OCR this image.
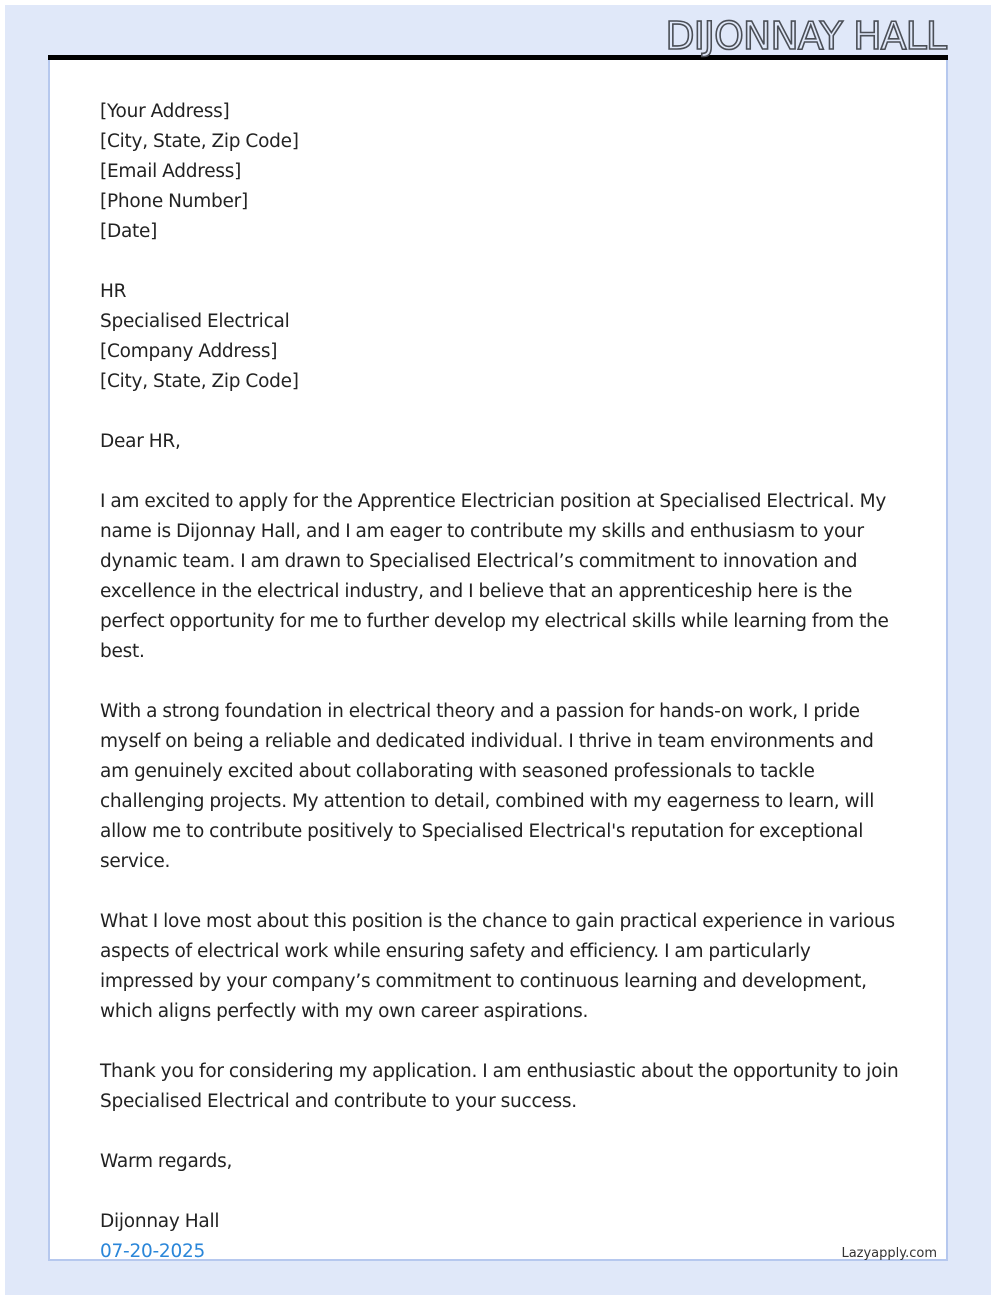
DIJONNAY HALL
[Your Address]
[City, State, Zip Code]
[Email Address]
[Phone Number]
[Date]
HR
Specialised Electrical
[Company Address]
[City, State, Zip Code]

Dear HR,

I am excited to apply for the Apprentice Electrician position at Specialised Electrical. My name is Dijonnay Hall, and I am eager to contribute my skills and enthusiasm to your dynamic team. I am drawn to Specialised Electrical’s commitment to innovation and excellence in the electrical industry, and I believe that an apprenticeship here is the perfect opportunity for me to further develop my electrical skills while learning from the best.

With a strong foundation in electrical theory and a passion for hands-on work, I pride myself on being a reliable and dedicated individual. I thrive in team environments and am genuinely excited about collaborating with seasoned professionals to tackle challenging projects. My attention to detail, combined with my eagerness to learn, will allow me to contribute positively to Specialised Electrical's reputation for exceptional service.

What I love most about this position is the chance to gain practical experience in various aspects of electrical work while ensuring safety and efficiency. I am particularly impressed by your company’s commitment to continuous learning and development, which aligns perfectly with my own career aspirations.

Thank you for considering my application. I am enthusiastic about the opportunity to join Specialised Electrical and contribute to your success.

Warm regards,

Dijonnay Hall

07-20-2025	Lazyapply.com
